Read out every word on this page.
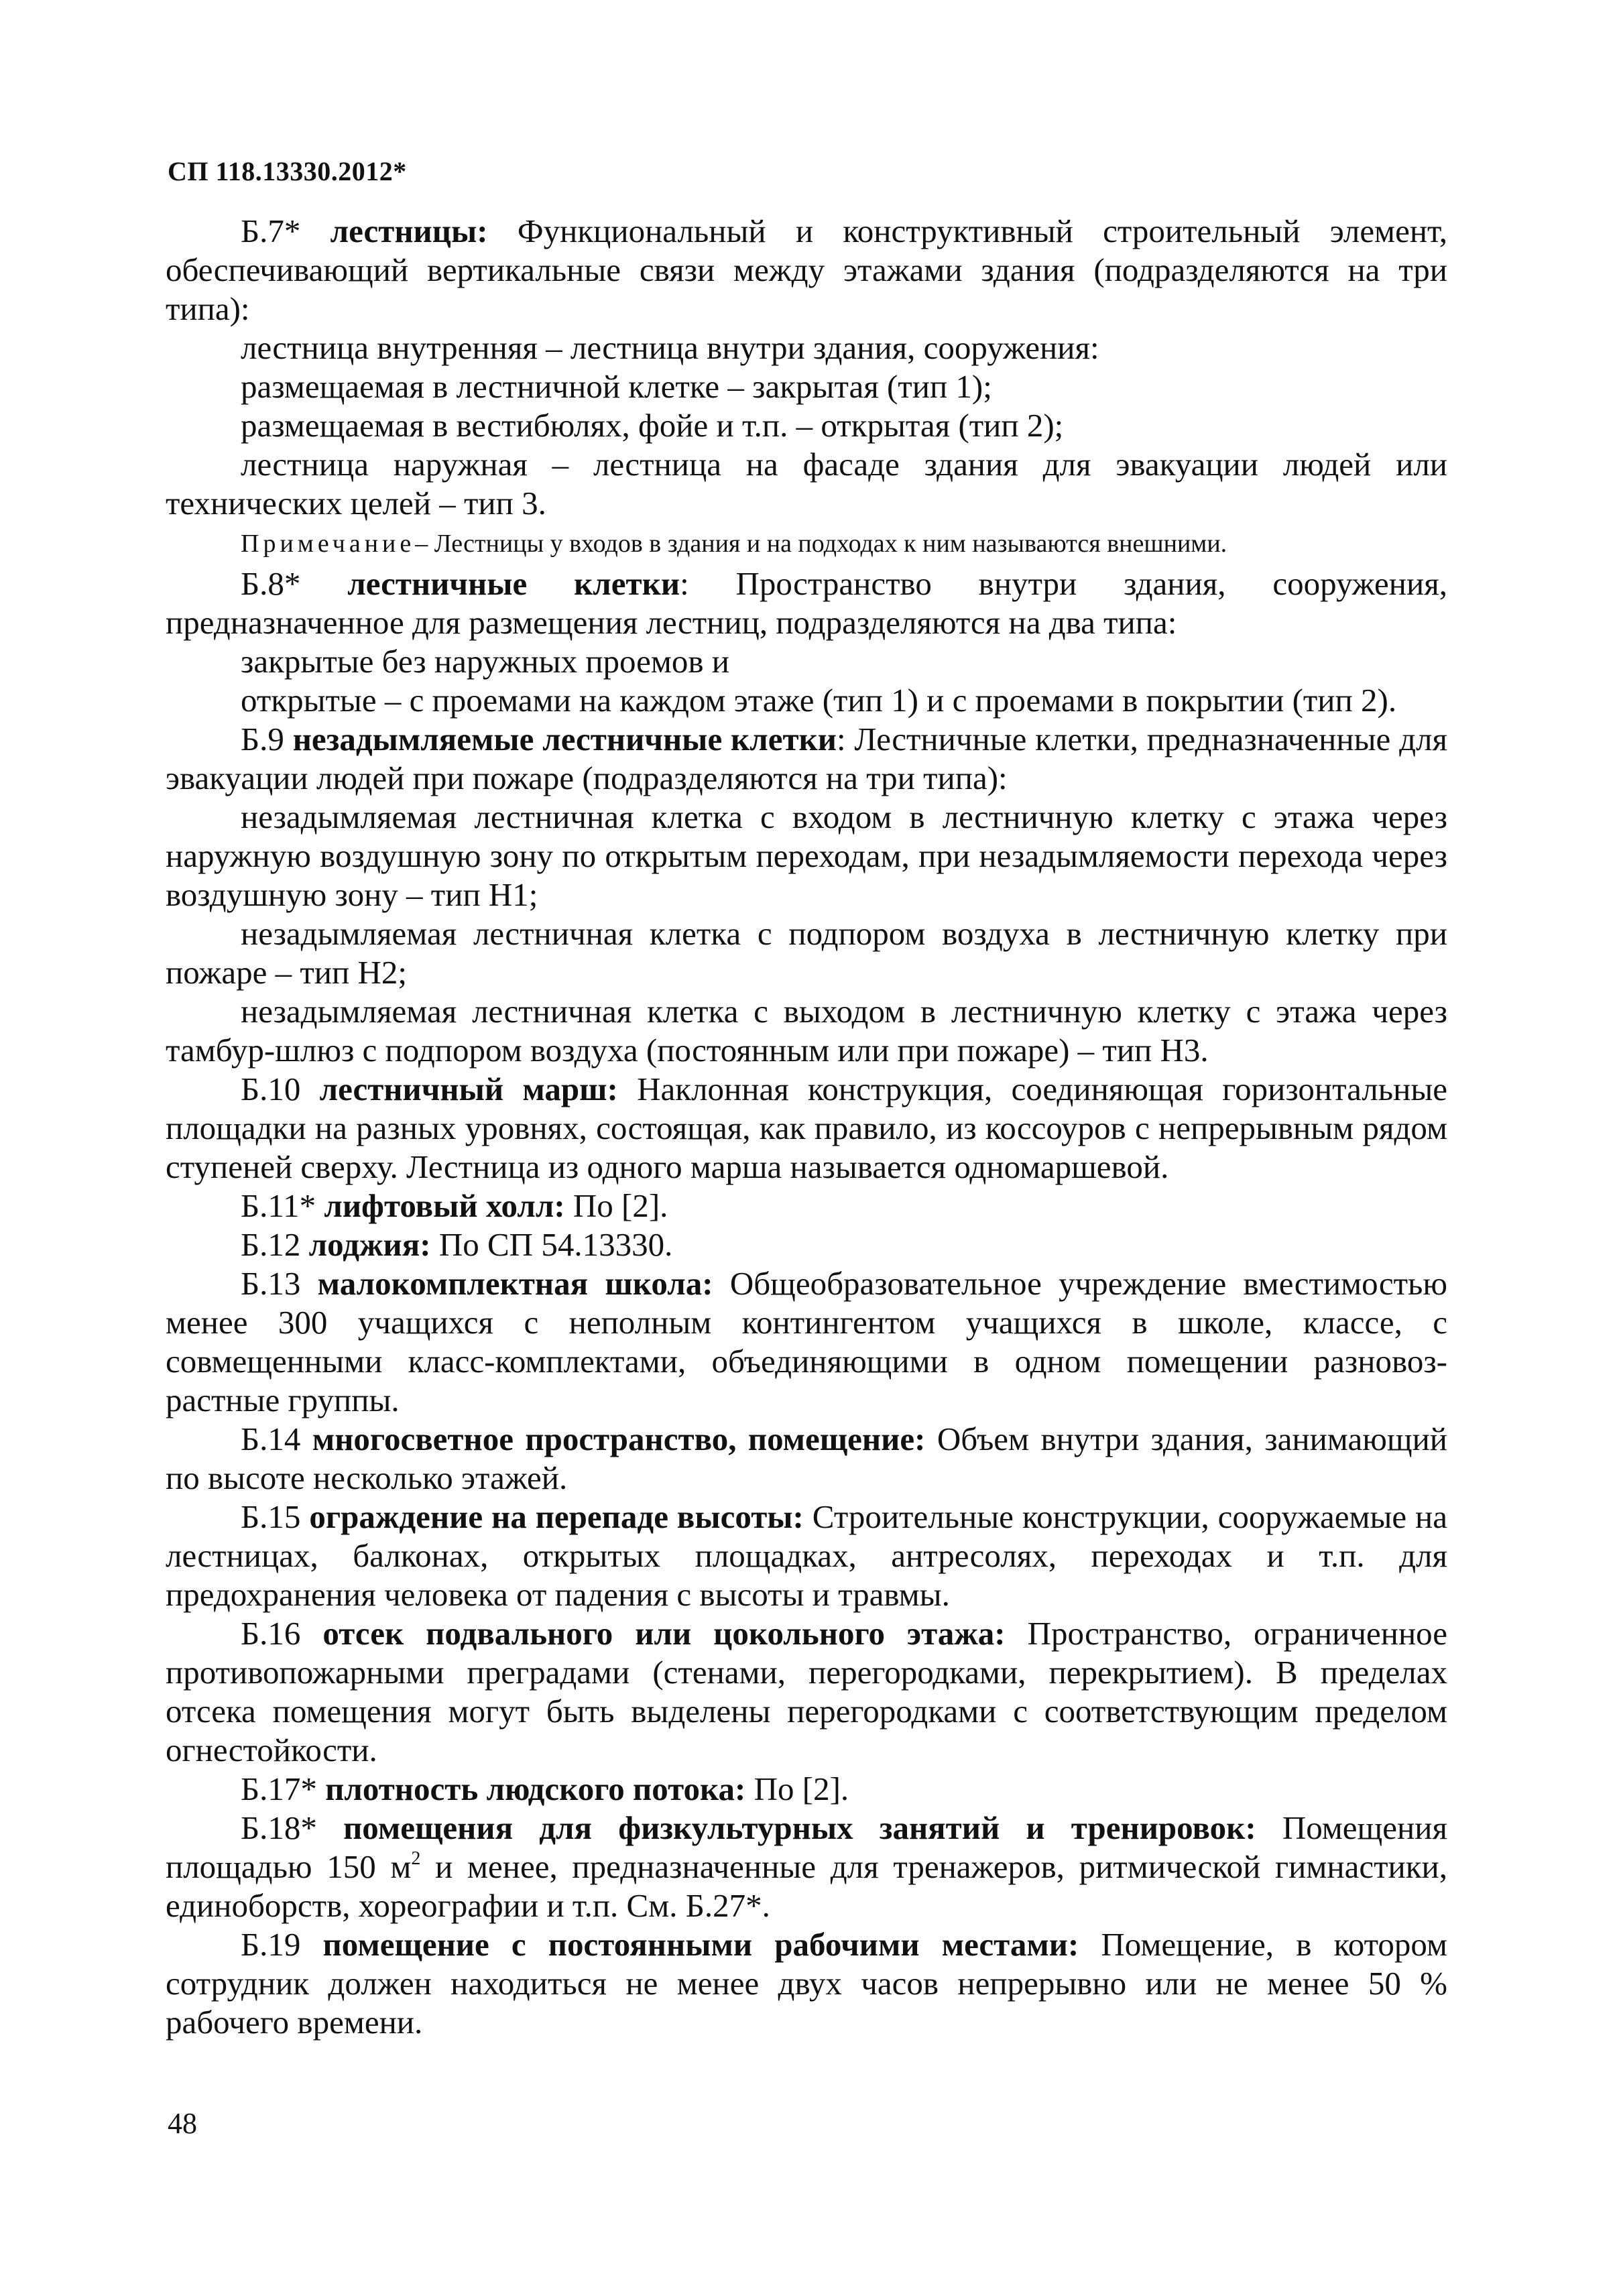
СП 118.13330.2012*

Б.7* лестницы: Функциональный и конструктивный строительный элемент, обеспечивающий вертикальные связи между этажами здания (подразделяются на три типа):

лестница внутренняя – лестница внутри здания, сооружения:

размещаемая в лестничной клетке – закрытая (тип 1);

размещаемая в вестибюлях, фойе и т.п. – открытая (тип 2);

лестница наружная – лестница на фасаде здания для эвакуации людей или технических целей – тип 3.

Примечание– Лестницы у входов в здания и на подходах к ним называются внешними.

Б.8* лестничные клетки: Пространство внутри здания, сооружения, предназначенное для размещения лестниц, подразделяются на два типа:

закрытые без наружных проемов и

открытые – с проемами на каждом этаже (тип 1) и с проемами в покрытии (тип 2).

Б.9 незадымляемые лестничные клетки: Лестничные клетки, предназначенные для эвакуации людей при пожаре (подразделяются на три типа):

незадымляемая лестничная клетка с входом в лестничную клетку с этажа через наружную воздушную зону по открытым переходам, при незадымляемости перехода через воздушную зону – тип Н1;

незадымляемая лестничная клетка с подпором воздуха в лестничную клетку при пожаре – тип Н2;

незадымляемая лестничная клетка с выходом в лестничную клетку с этажа через тамбур-шлюз с подпором воздуха (постоянным или при пожаре) – тип Н3.

Б.10 лестничный марш: Наклонная конструкция, соединяющая горизонтальные площадки на разных уровнях, состоящая, как правило, из коссоуров с непрерывным рядом ступеней сверху. Лестница из одного марша называется одномаршевой.

Б.11* лифтовый холл: По [2].

Б.12 лоджия: По СП 54.13330.

Б.13 малокомплектная школа: Общеобразовательное учреждение вместимостью менее 300 учащихся с неполным контингентом учащихся в школе, классе, с совмещенными класс-комплектами, объединяющими в одном помещении разновоз-растные группы.

Б.14 многосветное пространство, помещение: Объем внутри здания, занимающий по высоте несколько этажей.

Б.15 ограждение на перепаде высоты: Строительные конструкции, сооружаемые на лестницах, балконах, открытых площадках, антресолях, переходах и т.п. для предохранения человека от падения с высоты и травмы.

Б.16 отсек подвального или цокольного этажа: Пространство, ограниченное противопожарными преградами (стенами, перегородками, перекрытием). В пределах отсека помещения могут быть выделены перегородками с соответствующим пределом огнестойкости.

Б.17* плотность людского потока: По [2].

Б.18* помещения для физкультурных занятий и тренировок: Помещения площадью 150 $м^2$ и менее, предназначенные для тренажеров, ритмической гимнастики, единоборств, хореографии и т.п. См. Б.27*.

Б.19 помещение с постоянными рабочими местами: Помещение, в котором сотрудник должен находиться не менее двух часов непрерывно или не менее 50 % рабочего времени.

48
